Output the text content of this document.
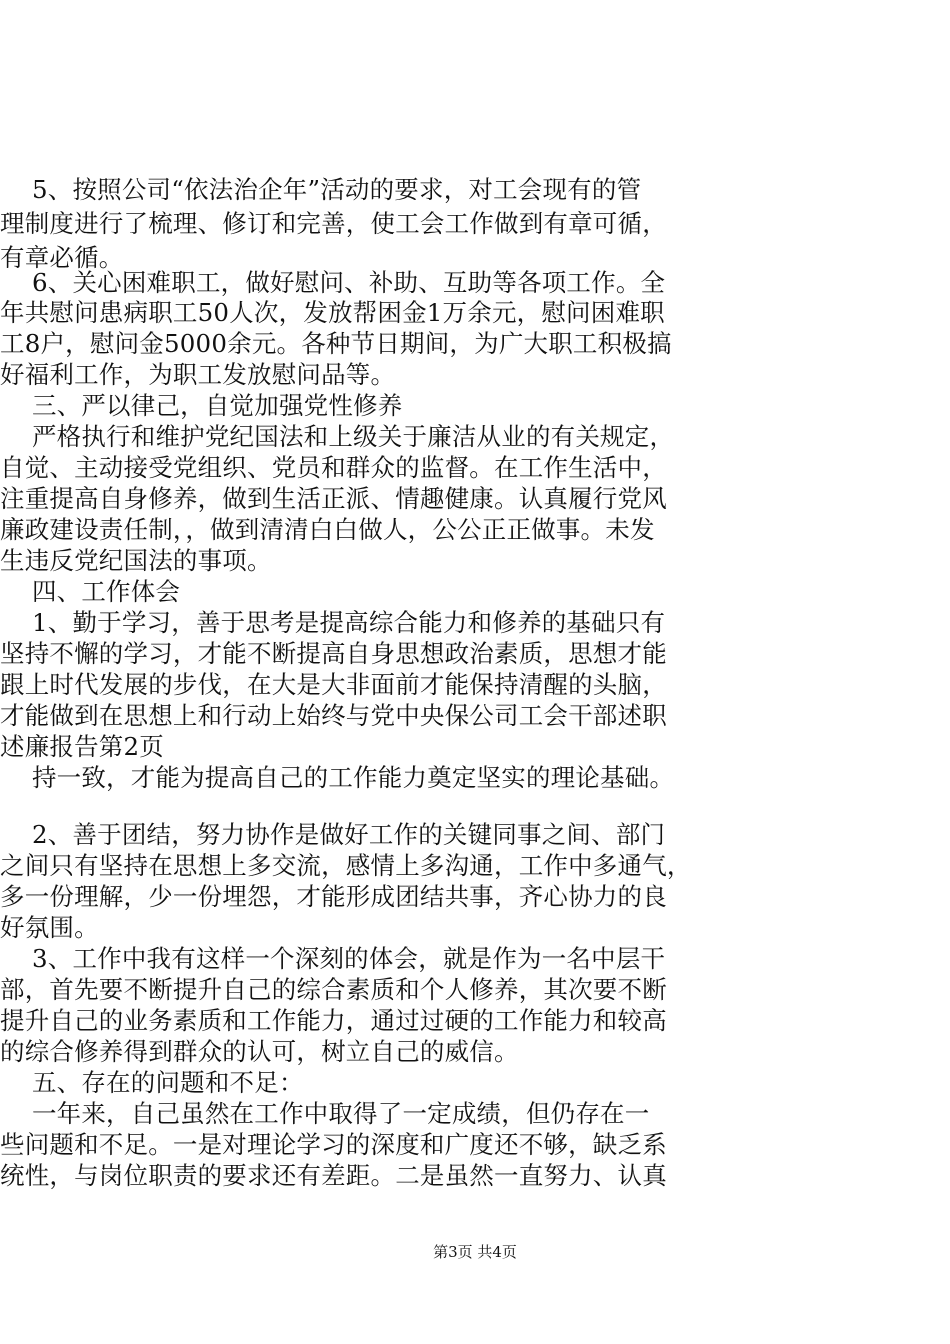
5、按照公司“依法治企年”活动的要求，对工会现有的管
理制度进行了梳理、修订和完善，使工会工作做到有章可循，
有章必循。
6、关心困难职工，做好慰问、补助、互助等各项工作。全
年共慰问患病职工50人次，发放帮困金1万余元，慰问困难职
工8户，慰问金5000余元。各种节日期间，为广大职工积极搞
好福利工作，为职工发放慰问品等。
三、严以律己，自觉加强党性修养
严格执行和维护党纪国法和上级关于廉洁从业的有关规定，
自觉、主动接受党组织、党员和群众的监督。在工作生活中，
注重提高自身修养，做到生活正派、情趣健康。认真履行党风
廉政建设责任制，，做到清清白白做人，公公正正做事。未发
生违反党纪国法的事项。
四、工作体会
1、勤于学习，善于思考是提高综合能力和修养的基础只有
坚持不懈的学习，才能不断提高自身思想政治素质，思想才能
跟上时代发展的步伐，在大是大非面前才能保持清醒的头脑，
才能做到在思想上和行动上始终与党中央保公司工会干部述职
述廉报告第2页
持一致，才能为提高自己的工作能力奠定坚实的理论基础。
2、善于团结，努力协作是做好工作的关键同事之间、部门
之间只有坚持在思想上多交流，感情上多沟通，工作中多通气，
多一份理解，少一份埋怨，才能形成团结共事，齐心协力的良
好氛围。
3、工作中我有这样一个深刻的体会，就是作为一名中层干
部，首先要不断提升自己的综合素质和个人修养，其次要不断
提升自己的业务素质和工作能力，通过过硬的工作能力和较高
的综合修养得到群众的认可，树立自己的威信。
五、存在的问题和不足：
一年来，自己虽然在工作中取得了一定成绩，但仍存在一
些问题和不足。一是对理论学习的深度和广度还不够，缺乏系
统性，与岗位职责的要求还有差距。二是虽然一直努力、认真
第3页 共4页
